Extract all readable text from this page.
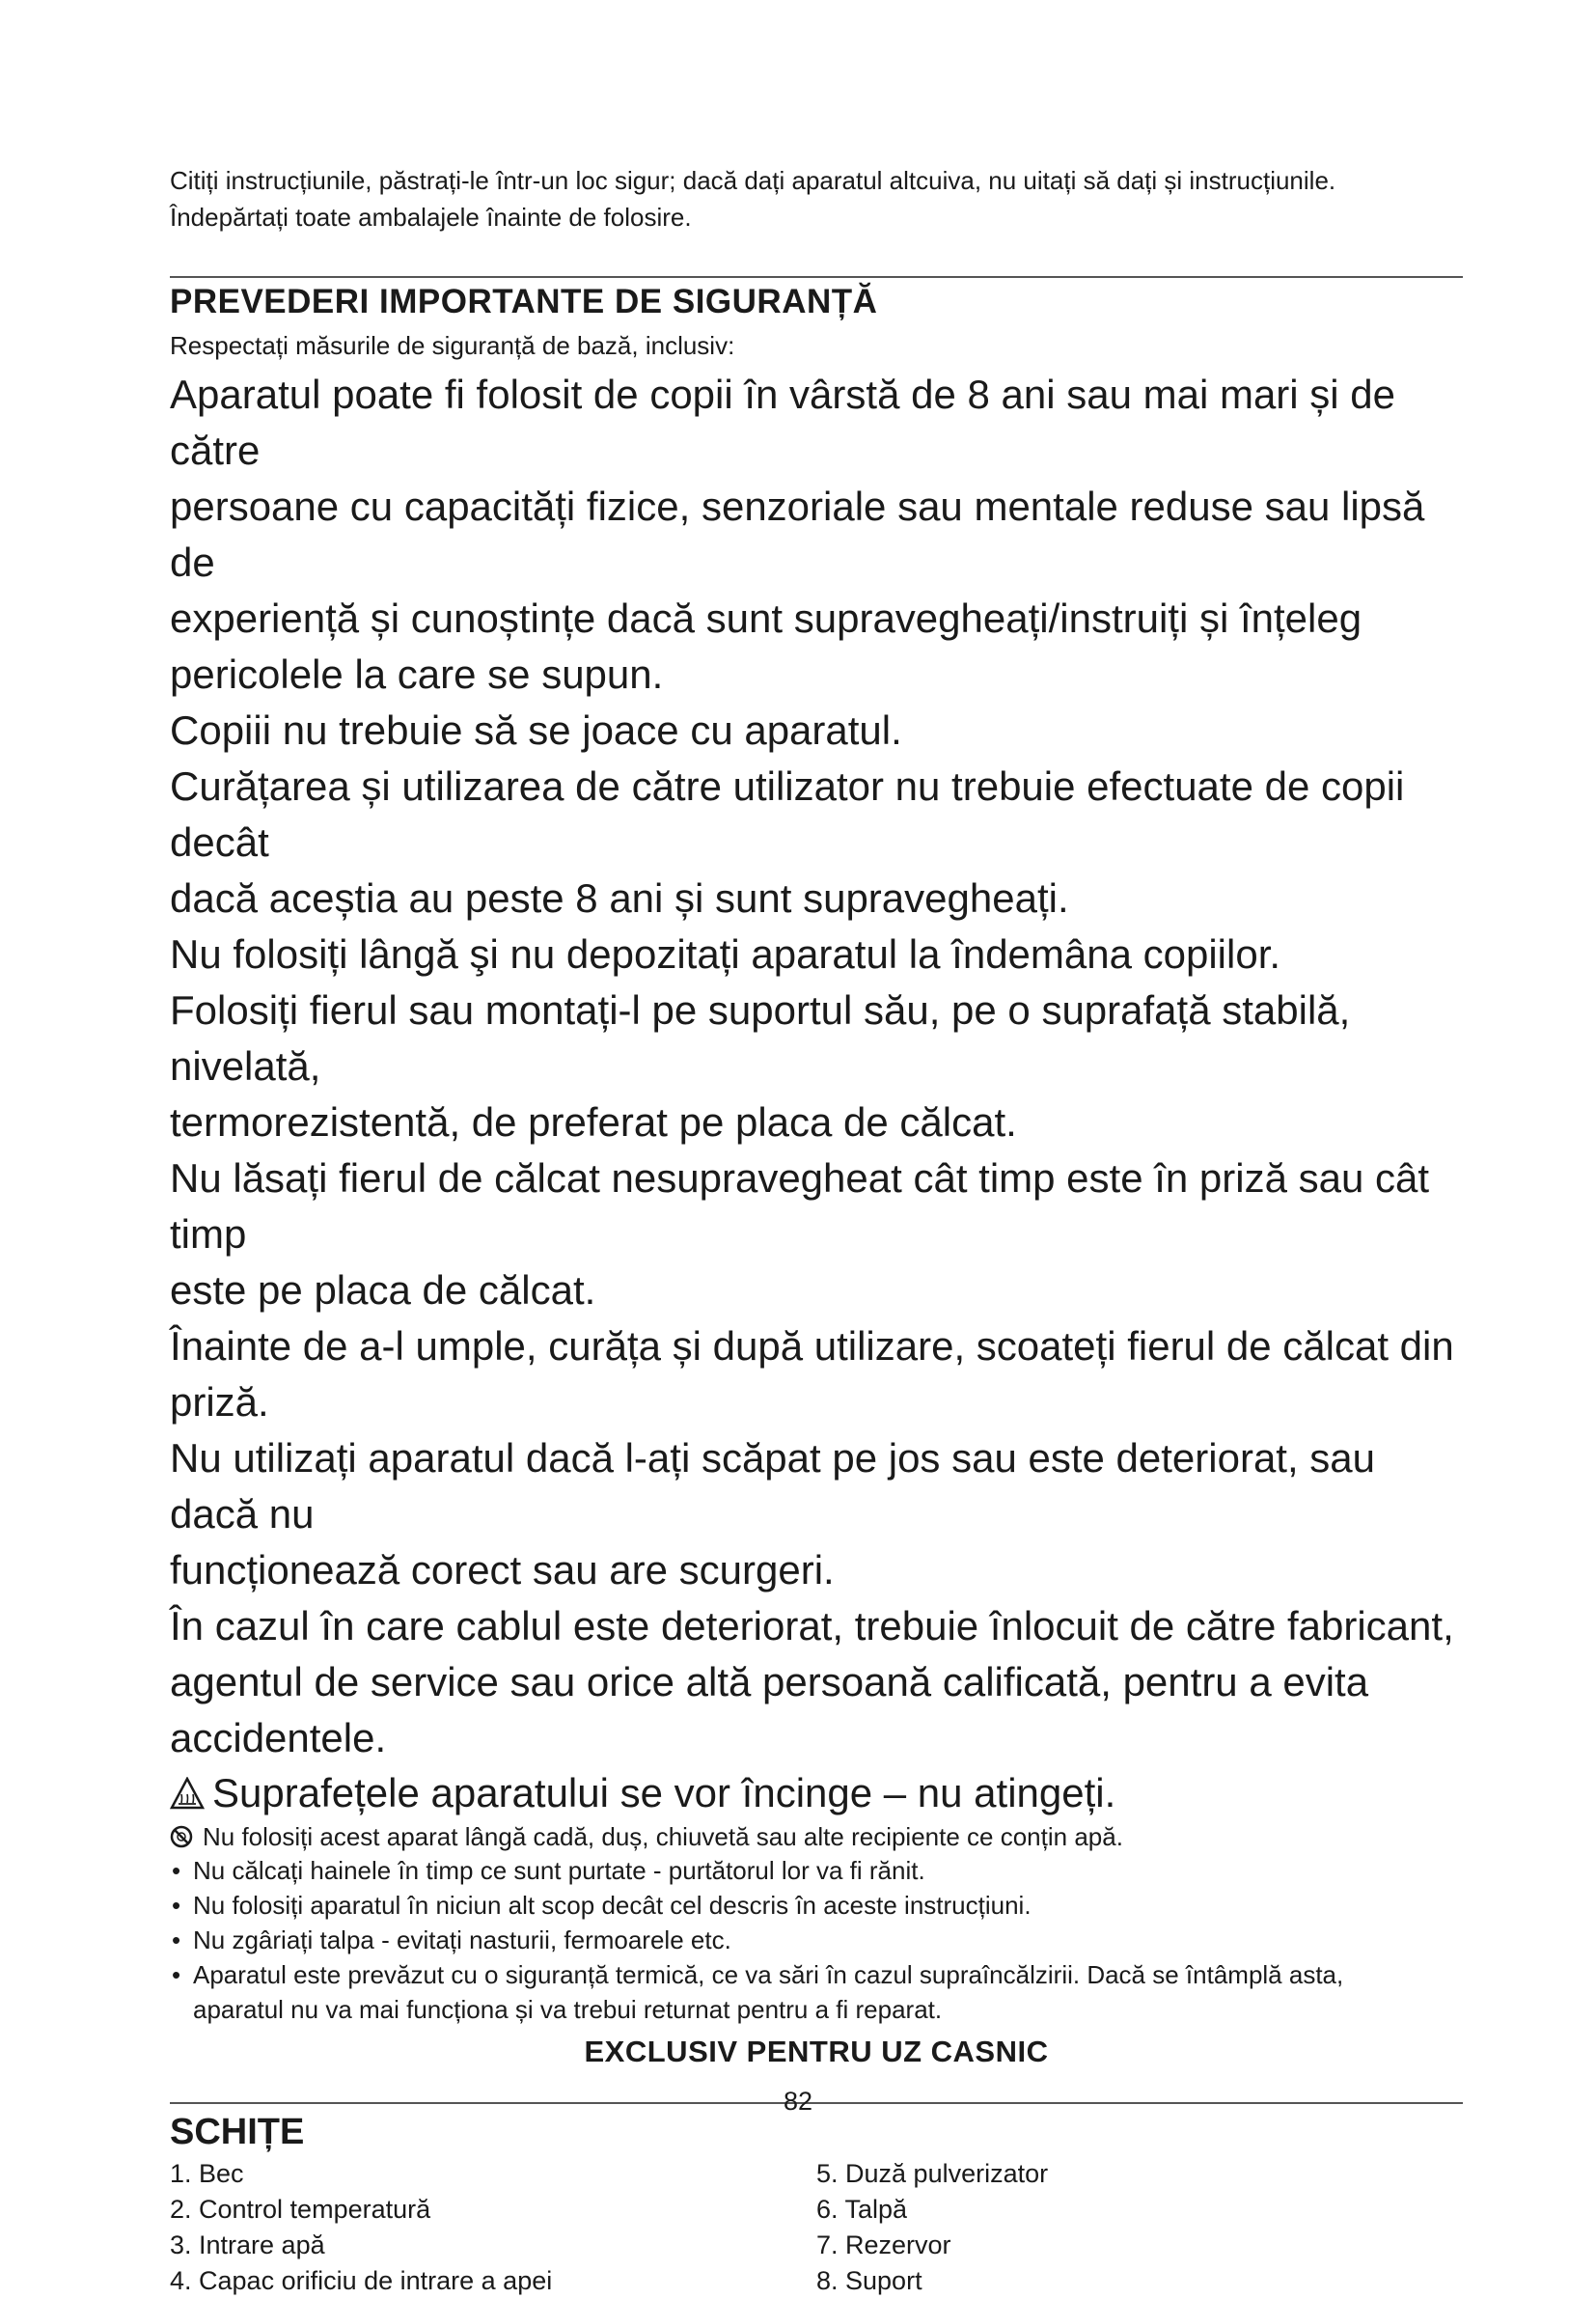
Citiți instrucțiunile, păstrați-le într-un loc sigur; dacă dați aparatul altcuiva, nu uitați să dați și instrucțiunile.

Îndepărtați toate ambalajele înainte de folosire.

PREVEDERI IMPORTANTE DE SIGURANȚĂ

Respectați măsurile de siguranță de bază, inclusiv:

Aparatul poate fi folosit de copii în vârstă de 8 ani sau mai mari și de către

persoane cu capacități fizice, senzoriale sau mentale reduse sau lipsă de

experiență și cunoștințe dacă sunt supravegheați/instruiți și înțeleg

pericolele la care se supun.

Copiii nu trebuie să se joace cu aparatul.

Curățarea și utilizarea de către utilizator nu trebuie efectuate de copii decât

dacă aceștia au peste 8 ani și sunt supravegheați.

Nu folosiți lângă şi nu depozitați aparatul la îndemâna copiilor.

Folosiți fierul sau montați-l pe suportul său, pe o suprafață stabilă, nivelată,

termorezistentă, de preferat pe placa de călcat.

Nu lăsați fierul de călcat nesupravegheat cât timp este în priză sau cât timp

este pe placa de călcat.

Înainte de a-l umple, curăța și după utilizare, scoateți fierul de călcat din

priză.

Nu utilizați aparatul dacă l-ați scăpat pe jos sau este deteriorat, sau dacă nu

funcționează corect sau are scurgeri.

În cazul în care cablul este deteriorat, trebuie înlocuit de către fabricant,

agentul de service sau orice altă persoană calificată, pentru a evita

accidentele.

Suprafețele aparatului se vor încinge – nu atingeți.

Nu folosiți acest aparat lângă cadă, duș, chiuvetă sau alte recipiente ce conțin apă.

• Nu călcați hainele în timp ce sunt purtate - purtătorul lor va fi rănit.
• Nu folosiți aparatul în niciun alt scop decât cel descris în aceste instrucțiuni.
• Nu zgâriați talpa - evitați nasturii, fermoarele etc.
• Aparatul este prevăzut cu o siguranță termică, ce va sări în cazul supraîncălzirii. Dacă se întâmplă asta,
aparatul nu va mai funcționa și va trebui returnat pentru a fi reparat.

EXCLUSIV PENTRU UZ CASNIC

SCHIȚE
1. Bec
2. Control temperatură
3. Intrare apă
4. Capac orificiu de intrare a apei
5. Duză pulverizator
6. Talpă
7. Rezervor
8. Suport
82
